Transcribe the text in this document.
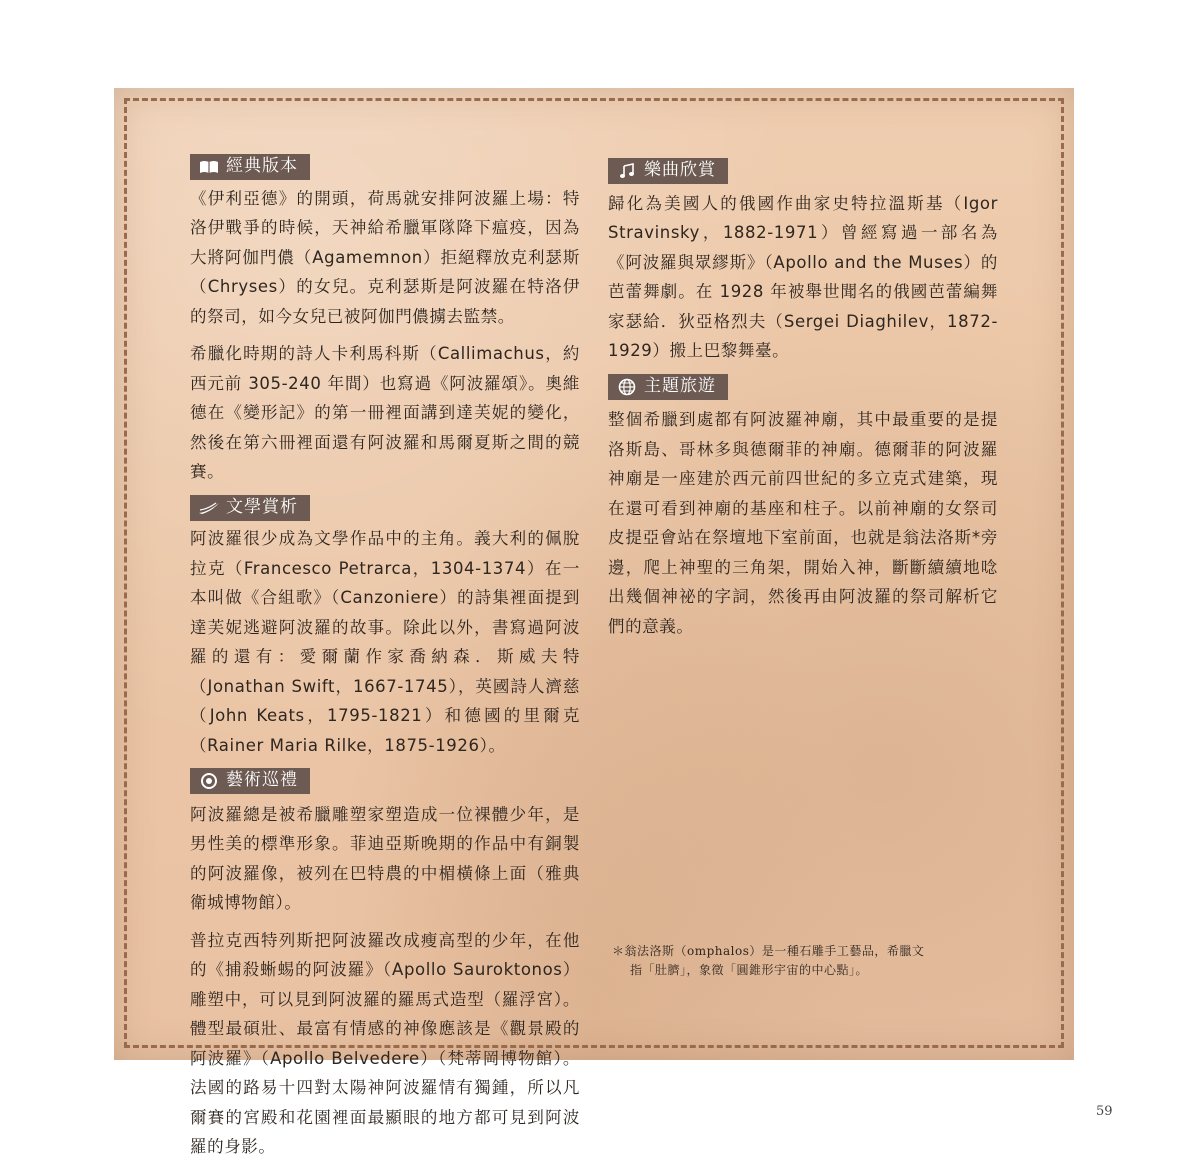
經典版本

《伊利亞德》的開頭，荷馬就安排阿波羅上場：特洛伊戰爭的時候，天神給希臘軍隊降下瘟疫，因為大將阿伽門儂（Agamemnon）拒絕釋放克利瑟斯（Chryses）的女兒。克利瑟斯是阿波羅在特洛伊的祭司，如今女兒已被阿伽門儂擄去監禁。

希臘化時期的詩人卡利馬科斯（Callimachus，約西元前 305-240 年間）也寫過《阿波羅頌》。奧維德在《變形記》的第一冊裡面講到達芙妮的變化，然後在第六冊裡面還有阿波羅和馬爾夏斯之間的競賽。

文學賞析

阿波羅很少成為文學作品中的主角。義大利的佩脫拉克（Francesco Petrarca，1304-1374）在一本叫做《合組歌》（Canzoniere）的詩集裡面提到達芙妮逃避阿波羅的故事。除此以外，書寫過阿波羅的還有：愛爾蘭作家喬納森．斯威夫特（Jonathan Swift，1667-1745），英國詩人濟慈（John Keats，1795-1821）和德國的里爾克（Rainer Maria Rilke，1875-1926）。

藝術巡禮

阿波羅總是被希臘雕塑家塑造成一位裸體少年，是男性美的標準形象。菲迪亞斯晚期的作品中有銅製的阿波羅像，被列在巴特農的中楣橫條上面（雅典衛城博物館）。

普拉克西特列斯把阿波羅改成瘦高型的少年，在他的《捕殺蜥蜴的阿波羅》（Apollo Sauroktonos）雕塑中，可以見到阿波羅的羅馬式造型（羅浮宮）。體型最碩壯、最富有情感的神像應該是《觀景殿的阿波羅》（Apollo Belvedere）（梵蒂岡博物館）。法國的路易十四對太陽神阿波羅情有獨鍾，所以凡爾賽的宮殿和花園裡面最顯眼的地方都可見到阿波羅的身影。

樂曲欣賞

歸化為美國人的俄國作曲家史特拉溫斯基（Igor Stravinsky，1882-1971）曾經寫過一部名為《阿波羅與眾繆斯》（Apollo and the Muses）的芭蕾舞劇。在 1928 年被舉世聞名的俄國芭蕾編舞家瑟給．狄亞格烈夫（Sergei Diaghilev，1872-1929）搬上巴黎舞臺。

主題旅遊

整個希臘到處都有阿波羅神廟，其中最重要的是提洛斯島、哥林多與德爾菲的神廟。德爾菲的阿波羅神廟是一座建於西元前四世紀的多立克式建築，現在還可看到神廟的基座和柱子。以前神廟的女祭司皮提亞會站在祭壇地下室前面，也就是翁法洛斯*旁邊，爬上神聖的三角架，開始入神，斷斷續續地唸出幾個神祕的字詞，然後再由阿波羅的祭司解析它們的意義。

＊翁法洛斯（omphalos）是一種石雕手工藝品，希臘文
指「肚臍」，象徵「圓錐形宇宙的中心點」。
59
